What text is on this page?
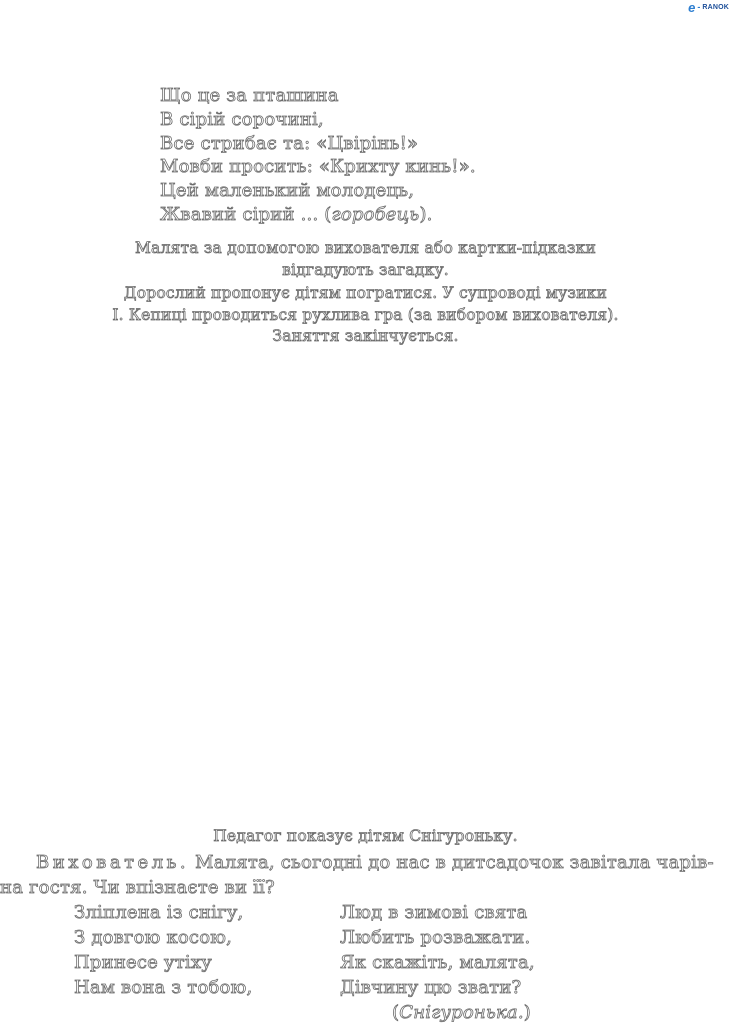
e - RANOK
Що це за пташина
В сірій сорочині,
Все стрибає та: «Цвірінь!»
Мовби просить: «Крихту кинь!».
Цей маленький молодець,
Жвавий сірий ... (горобець).
Малята за допомогою вихователя або картки-підказки
відгадують загадку.
Дорослий пропонує дітям погратися. У супроводі музики
І. Кепиці проводиться рухлива гра (за вибором вихователя).
Заняття закінчується.
Педагог показує дітям Снігуроньку.
Вихователь. Малята, сьогодні до нас в дитсадочок завітала чарів-
на гостя. Чи впізнаєте ви її?
Зліплена із снігу,
З довгою косою,
Принесе утіху
Нам вона з тобою,
Люд в зимові свята
Любить розважати.
Як скажіть, малята,
Дівчину цю звати?
(Снігуронька.)
